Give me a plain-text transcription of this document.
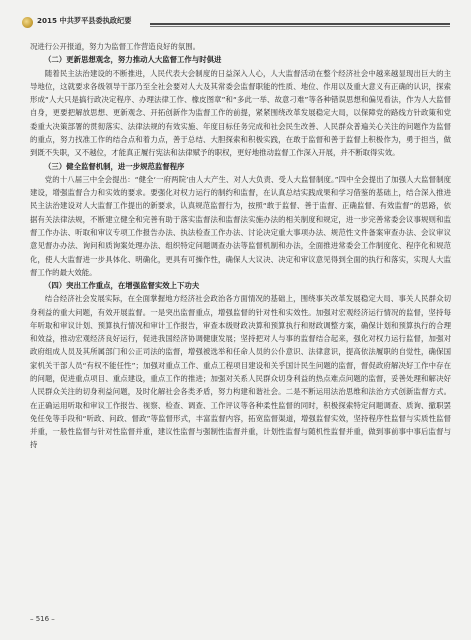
2015 中共罗平县委执政纪要

况进行公开报道，努力为监督工作营造良好的氛围。

（二）更新思想观念，努力推动人大监督工作与时俱进

随着民主法治建设的不断推进，人民代表大会制度的日益深入人心，人大监督活动在整个经济社会中越来越显现出巨大的主导地位，这就要求各级领导干部乃至全社会要对人大及其常委会监督职能的性质、地位、作用以及重大意义有正确的认识，探索形成“人大只是搞行政决定程序、办理法律工作、橡皮图章”和“多此一举、故意刁难”等各种错误思想和偏见看法，作为人大监督自身，更要把解放思想、更新观念、开拓创新作为监督工作的前提，紧紧围绕改革发展稳定大局，以保障党的路线方针政策和党委重大决策部署的贯彻落实、法律法规的有效实施、年度目标任务完成和社会民生改善、人民群众普遍关心关注的问题作为监督的重点，努力找准工作的结合点和着力点，善于总结、大胆探索和积极实践，在敢于监督和善于监督上积极作为，勇于担当，做到既不失职，又不越位，才能真正履行宪法和法律赋予的职权，更好地推动监督工作深入开展，并不断取得实效。

（三）健全监督机制，进一步规范监督程序

党的十八届三中全会提出：“健全‘一府两院’由人大产生、对人大负责、受人大监督制度。”四中全会提出了加强人大监督制度建设，增强监督合力和实效的要求。要强化对权力运行的制约和监督，在认真总结实践成果和学习借鉴的基础上，结合深入推进民主法治建设对人大监督工作提出的新要求，认真规范监督行为，按照“敢于监督、善于监督、正确监督、有效监督”的思路，依据有关法律法规，不断建立健全和完善有助于落实监督法和监督法实施办法的相关制度和规定，进一步完善常委会议事规则和监督工作办法、听取和审议专项工作报告办法、执法检查工作办法、讨论决定重大事项办法、规范性文件备案审查办法、会议审议意见督办办法、询问和质询案处理办法、组织特定问题调查办法等监督机制和办法，全面推进常委会工作制度化、程序化和规范化，使人大监督进一步具体化、明确化，更具有可操作性，确保人大议决、决定和审议意见得到全面的执行和落实，实现人大监督工作的最大效能。

（四）突出工作重点，在增强监督实效上下功夫

结合经济社会发展实际，在全面掌握地方经济社会政治各方面情况的基础上，围绕事关改革发展稳定大局、事关人民群众切身利益的重大问题，有效开展监督。一是突出监督重点，增强监督的针对性和实效性。加强对宏观经济运行情况的监督，坚持每年听取和审议计划、预算执行情况和审计工作报告，审查本级财政决算和预算执行和财政调整方案，确保计划和预算执行的合理和效益，推动宏观经济良好运行，促进我国经济协调健康发展；坚持把对人与事的监督结合起来，强化对权力运行监督，加强对政府组成人员及其所属部门和公正司法的监督，增强被选举和任命人员的公仆意识、法律意识，提高依法履职的自觉性，确保国家机关干部人员“有权不能任性”；加强对重点工作、重点工程项目建设和关乎国计民生问题的监督，督促政府解决好工作中存在的问题，促进重点项目、重点建设，重点工作的推进；加强对关系人民群众切身利益的热点难点问题的监督，妥善处理和解决好人民群众关注的切身利益问题，及时化解社会各类矛盾，努力构建和谐社会。二是不断运用法治思维和法治方式创新监督方式。在正确运用听取和审议工作报告、视察、检查、调查、工作评议等各种柔性监督的同时，积极探索特定问题调查、质询、撤职罢免任免等手段和“听政、问政、督政”等监督形式，丰富监督内容，拓宽监督渠道，增强监督实效，坚持程序性监督与实质性监督并重，一般性监督与针对性监督并重，建议性监督与强制性监督并重，计划性监督与随机性监督并重，做到事前事中事后监督与持

– 516 –
